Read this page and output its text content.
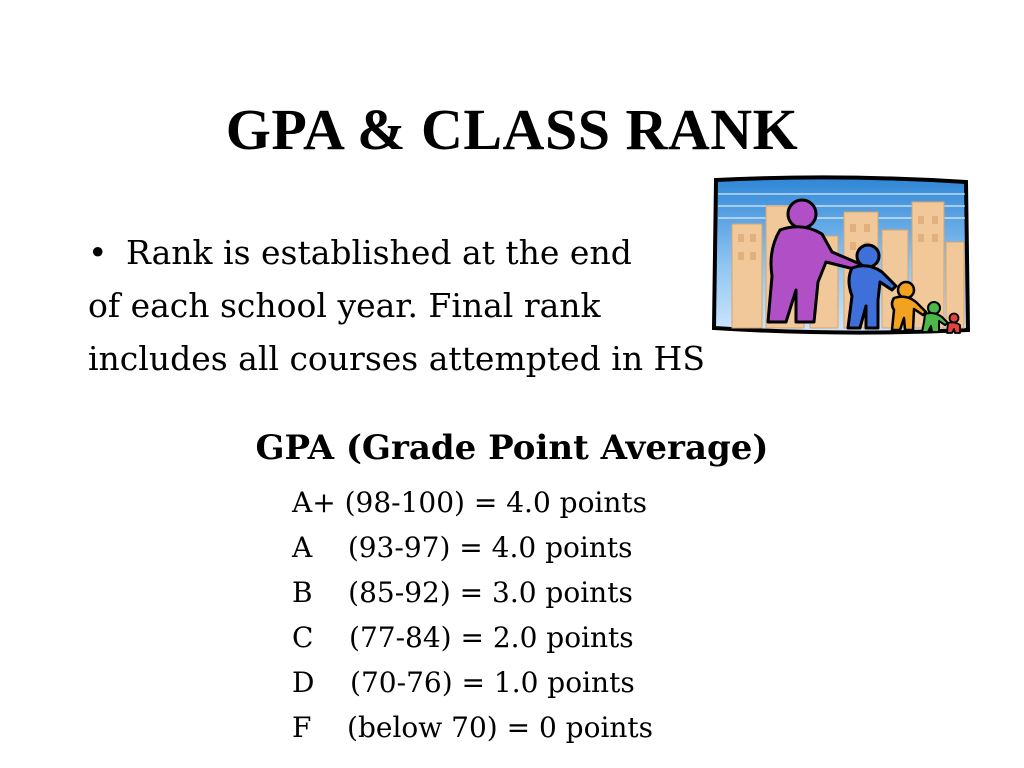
GPA & CLASS RANK
• Rank is established at the end
of each school year. Final rank
includes all courses attempted in HS
GPA (Grade Point Average)
A+ (98-100) = 4.0 points
A    (93-97) = 4.0 points
B    (85-92) = 3.0 points
C    (77-84) = 2.0 points
D    (70-76) = 1.0 points
F    (below 70) = 0 points
